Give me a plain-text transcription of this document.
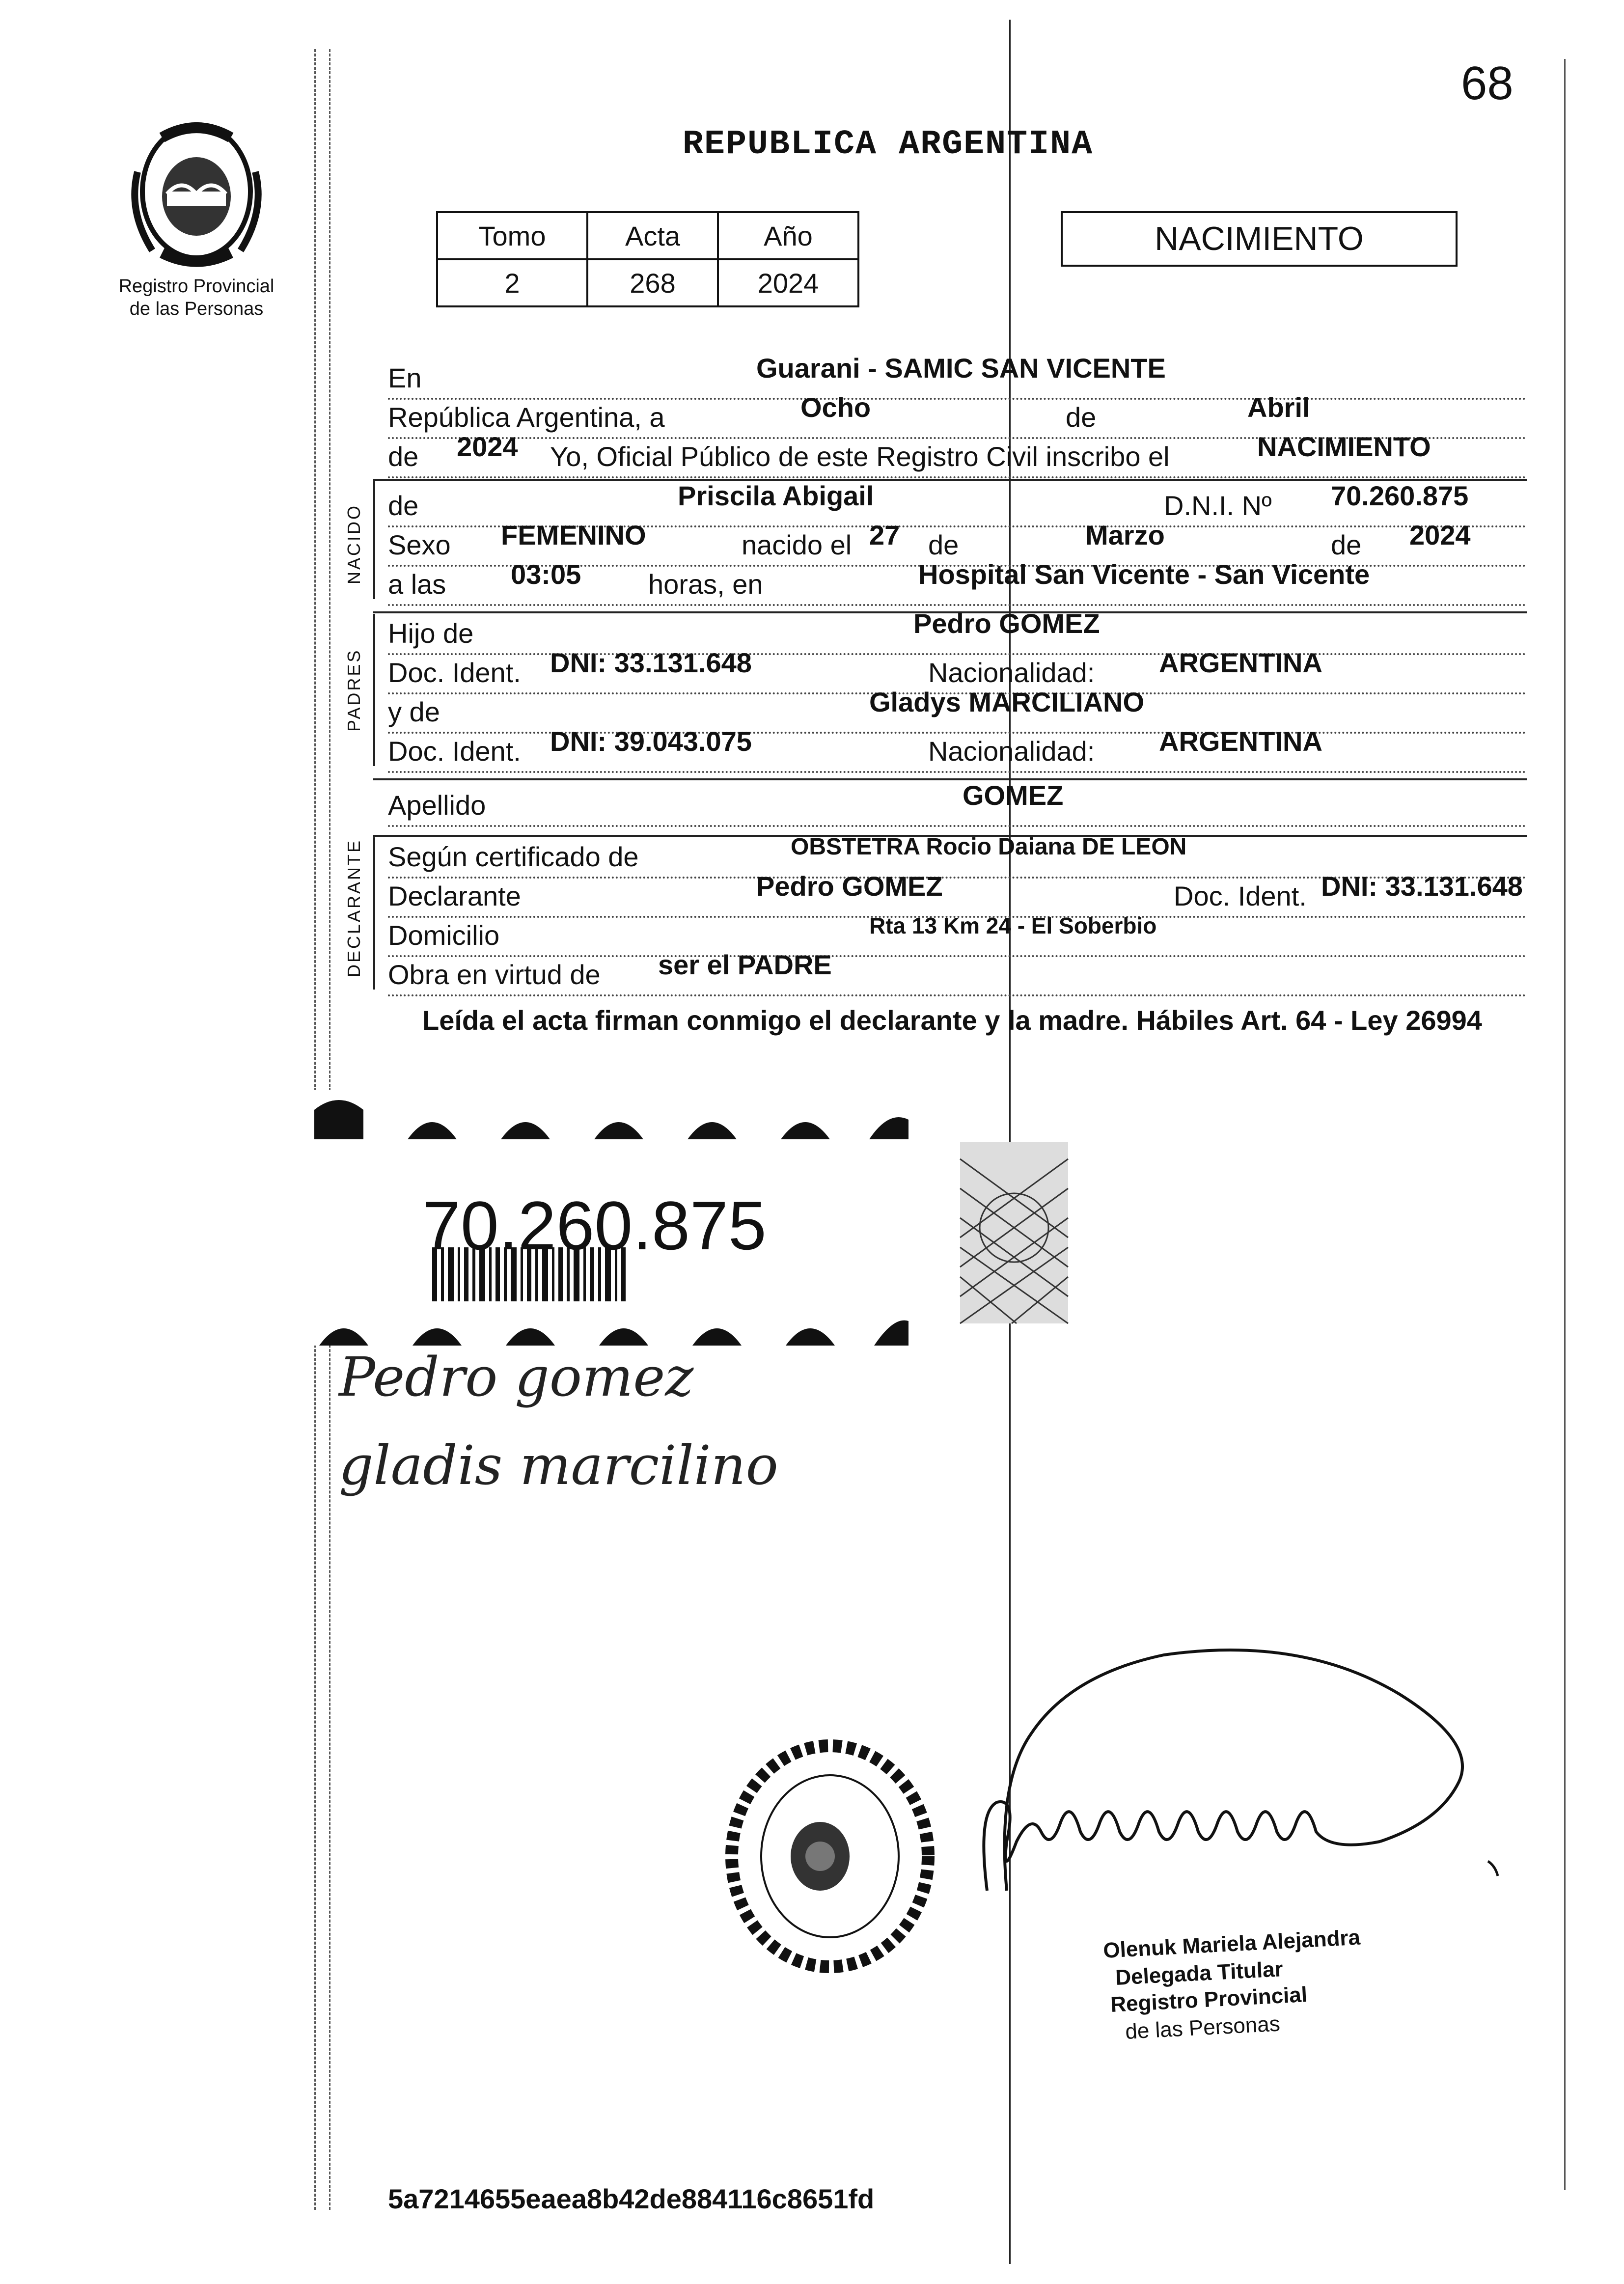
68
Registro Provincial
de las Personas
REPUBLICA ARGENTINA
Tomo	Acta	Año
2	268	2024
NACIMIENTO
En	Guarani - SAMIC SAN VICENTE
República Argentina, a	Ocho	de	Abril
de 2024 Yo, Oficial Público de este Registro Civil inscribo el	NACIMIENTO
NACIDO de	Priscila Abigail	D.N.I. Nº 70.260.875
Sexo FEMENINO	nacido el 27 de	Marzo	de 2024
a las 03:05 horas, en	Hospital San Vicente - San Vicente
PADRES
Hijo de	Pedro GOMEZ
Doc. Ident. DNI: 33.131.648	Nacionalidad: ARGENTINA
y de	Gladys MARCILIANO
Doc. Ident. DNI: 39.043.075	Nacionalidad: ARGENTINA
Apellido	GOMEZ
DECLARANTE Según certificado de	OBSTETRA Rocio Daiana DE LEON
Declarante	Pedro GOMEZ	Doc. Ident. DNI: 33.131.648
Domicilio	Rta 13 Km 24 - El Soberbio
Obra en virtud de ser el PADRE
Leída el acta firman conmigo el declarante y la madre. Hábiles Art. 64 - Ley 26994
70.260.875
Pedro gomez
gladis marcilino
Olenuk Mariela Alejandra
Delegada Titular
Registro Provincial
de las Personas
5a7214655eaea8b42de884116c8651fd
